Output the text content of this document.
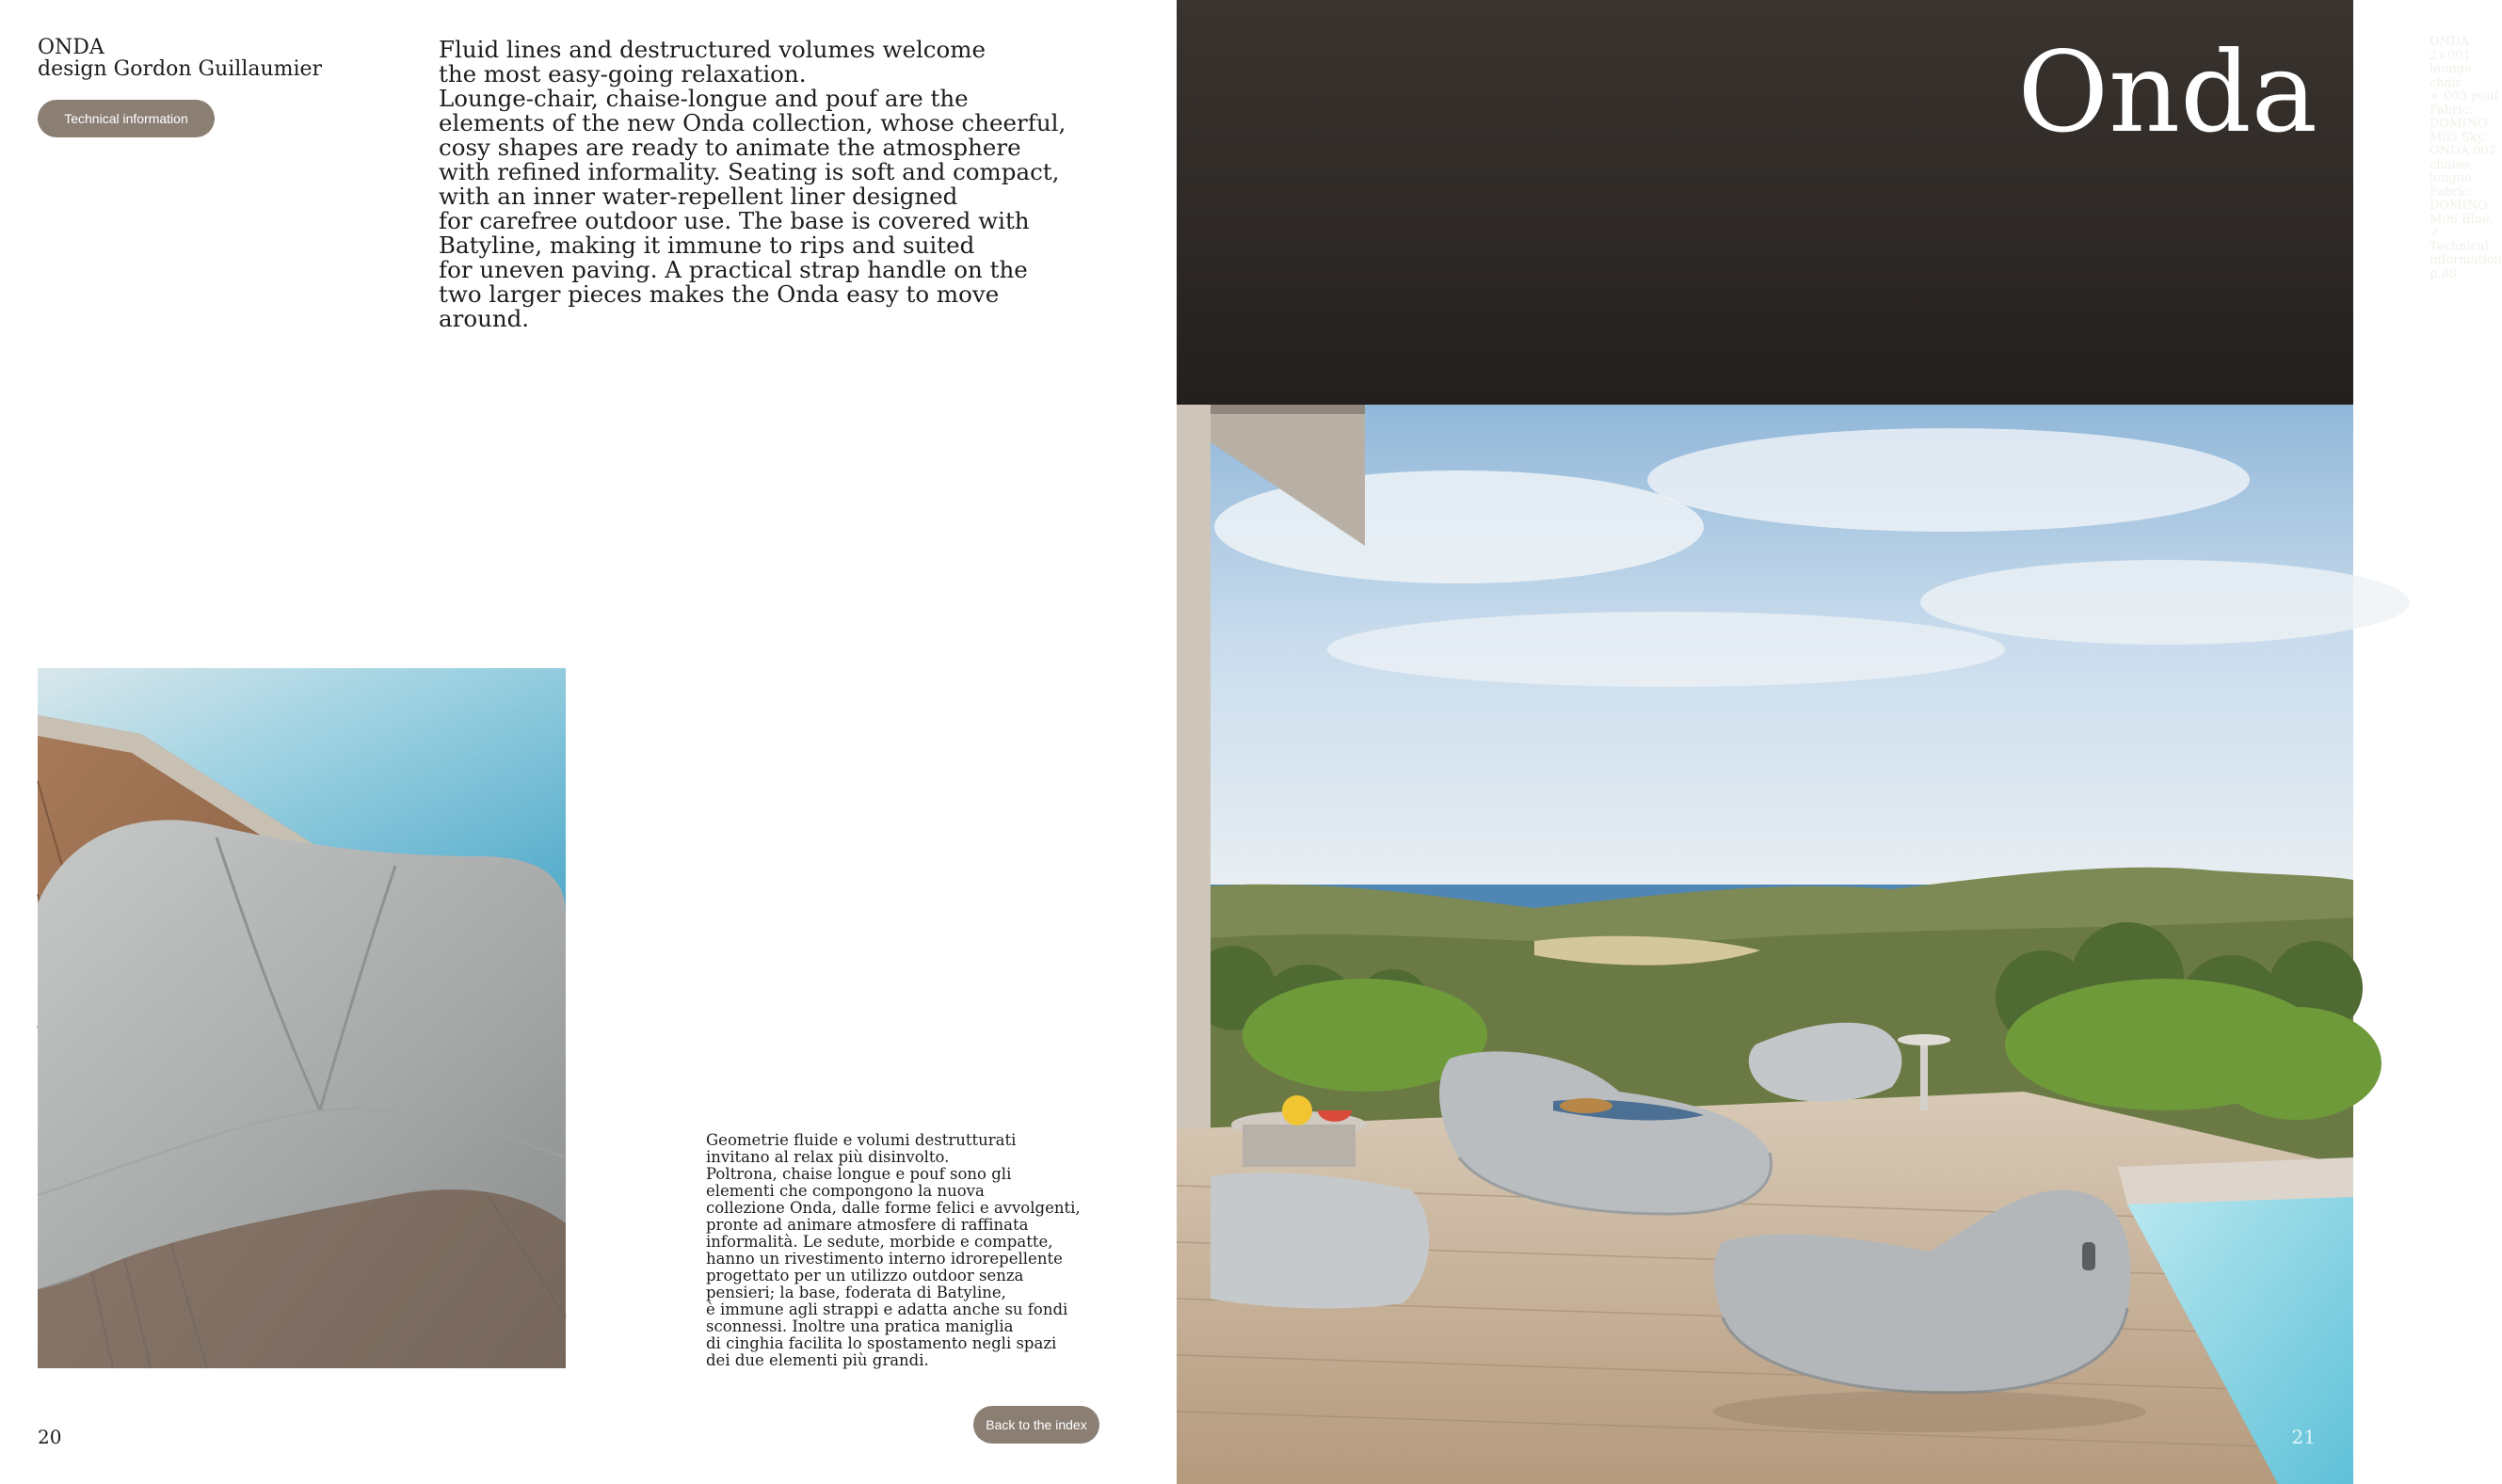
ONDA
design Gordon Guillaumier
Technical information
Fluid lines and destructured volumes welcome
the most easy-going relaxation.
Lounge-chair, chaise-longue and pouf are the
elements of the new Onda collection, whose cheerful,
cosy shapes are ready to animate the atmosphere
with refined informality. Seating is soft and compact,
with an inner water-repellent liner designed
for carefree outdoor use. The base is covered with
Batyline, making it immune to rips and suited
for uneven paving. A practical strap handle on the
two larger pieces makes the Onda easy to move
around.
Geometrie fluide e volumi destrutturati
invitano al relax più disinvolto.
Poltrona, chaise longue e pouf sono gli
elementi che compongono la nuova
collezione Onda, dalle forme felici e avvolgenti,
pronte ad animare atmosfere di raffinata
informalità. Le sedute, morbide e compatte,
hanno un rivestimento interno idrorepellente
progettato per un utilizzo outdoor senza
pensieri; la base, foderata di Batyline,
è immune agli strappi e adatta anche su fondi
sconnessi. Inoltre una pratica maniglia
di cinghia facilita lo spostamento negli spazi
dei due elementi più grandi.
Back to the index
20
ONDA 2×001 lounge chair
+ 003 pouf
Fabric: DOMINO M05 Sky.
ONDA 002 chaise longue
Fabric: DOMINO M06 Blue.
↗ Technical information p.88
Onda
21
